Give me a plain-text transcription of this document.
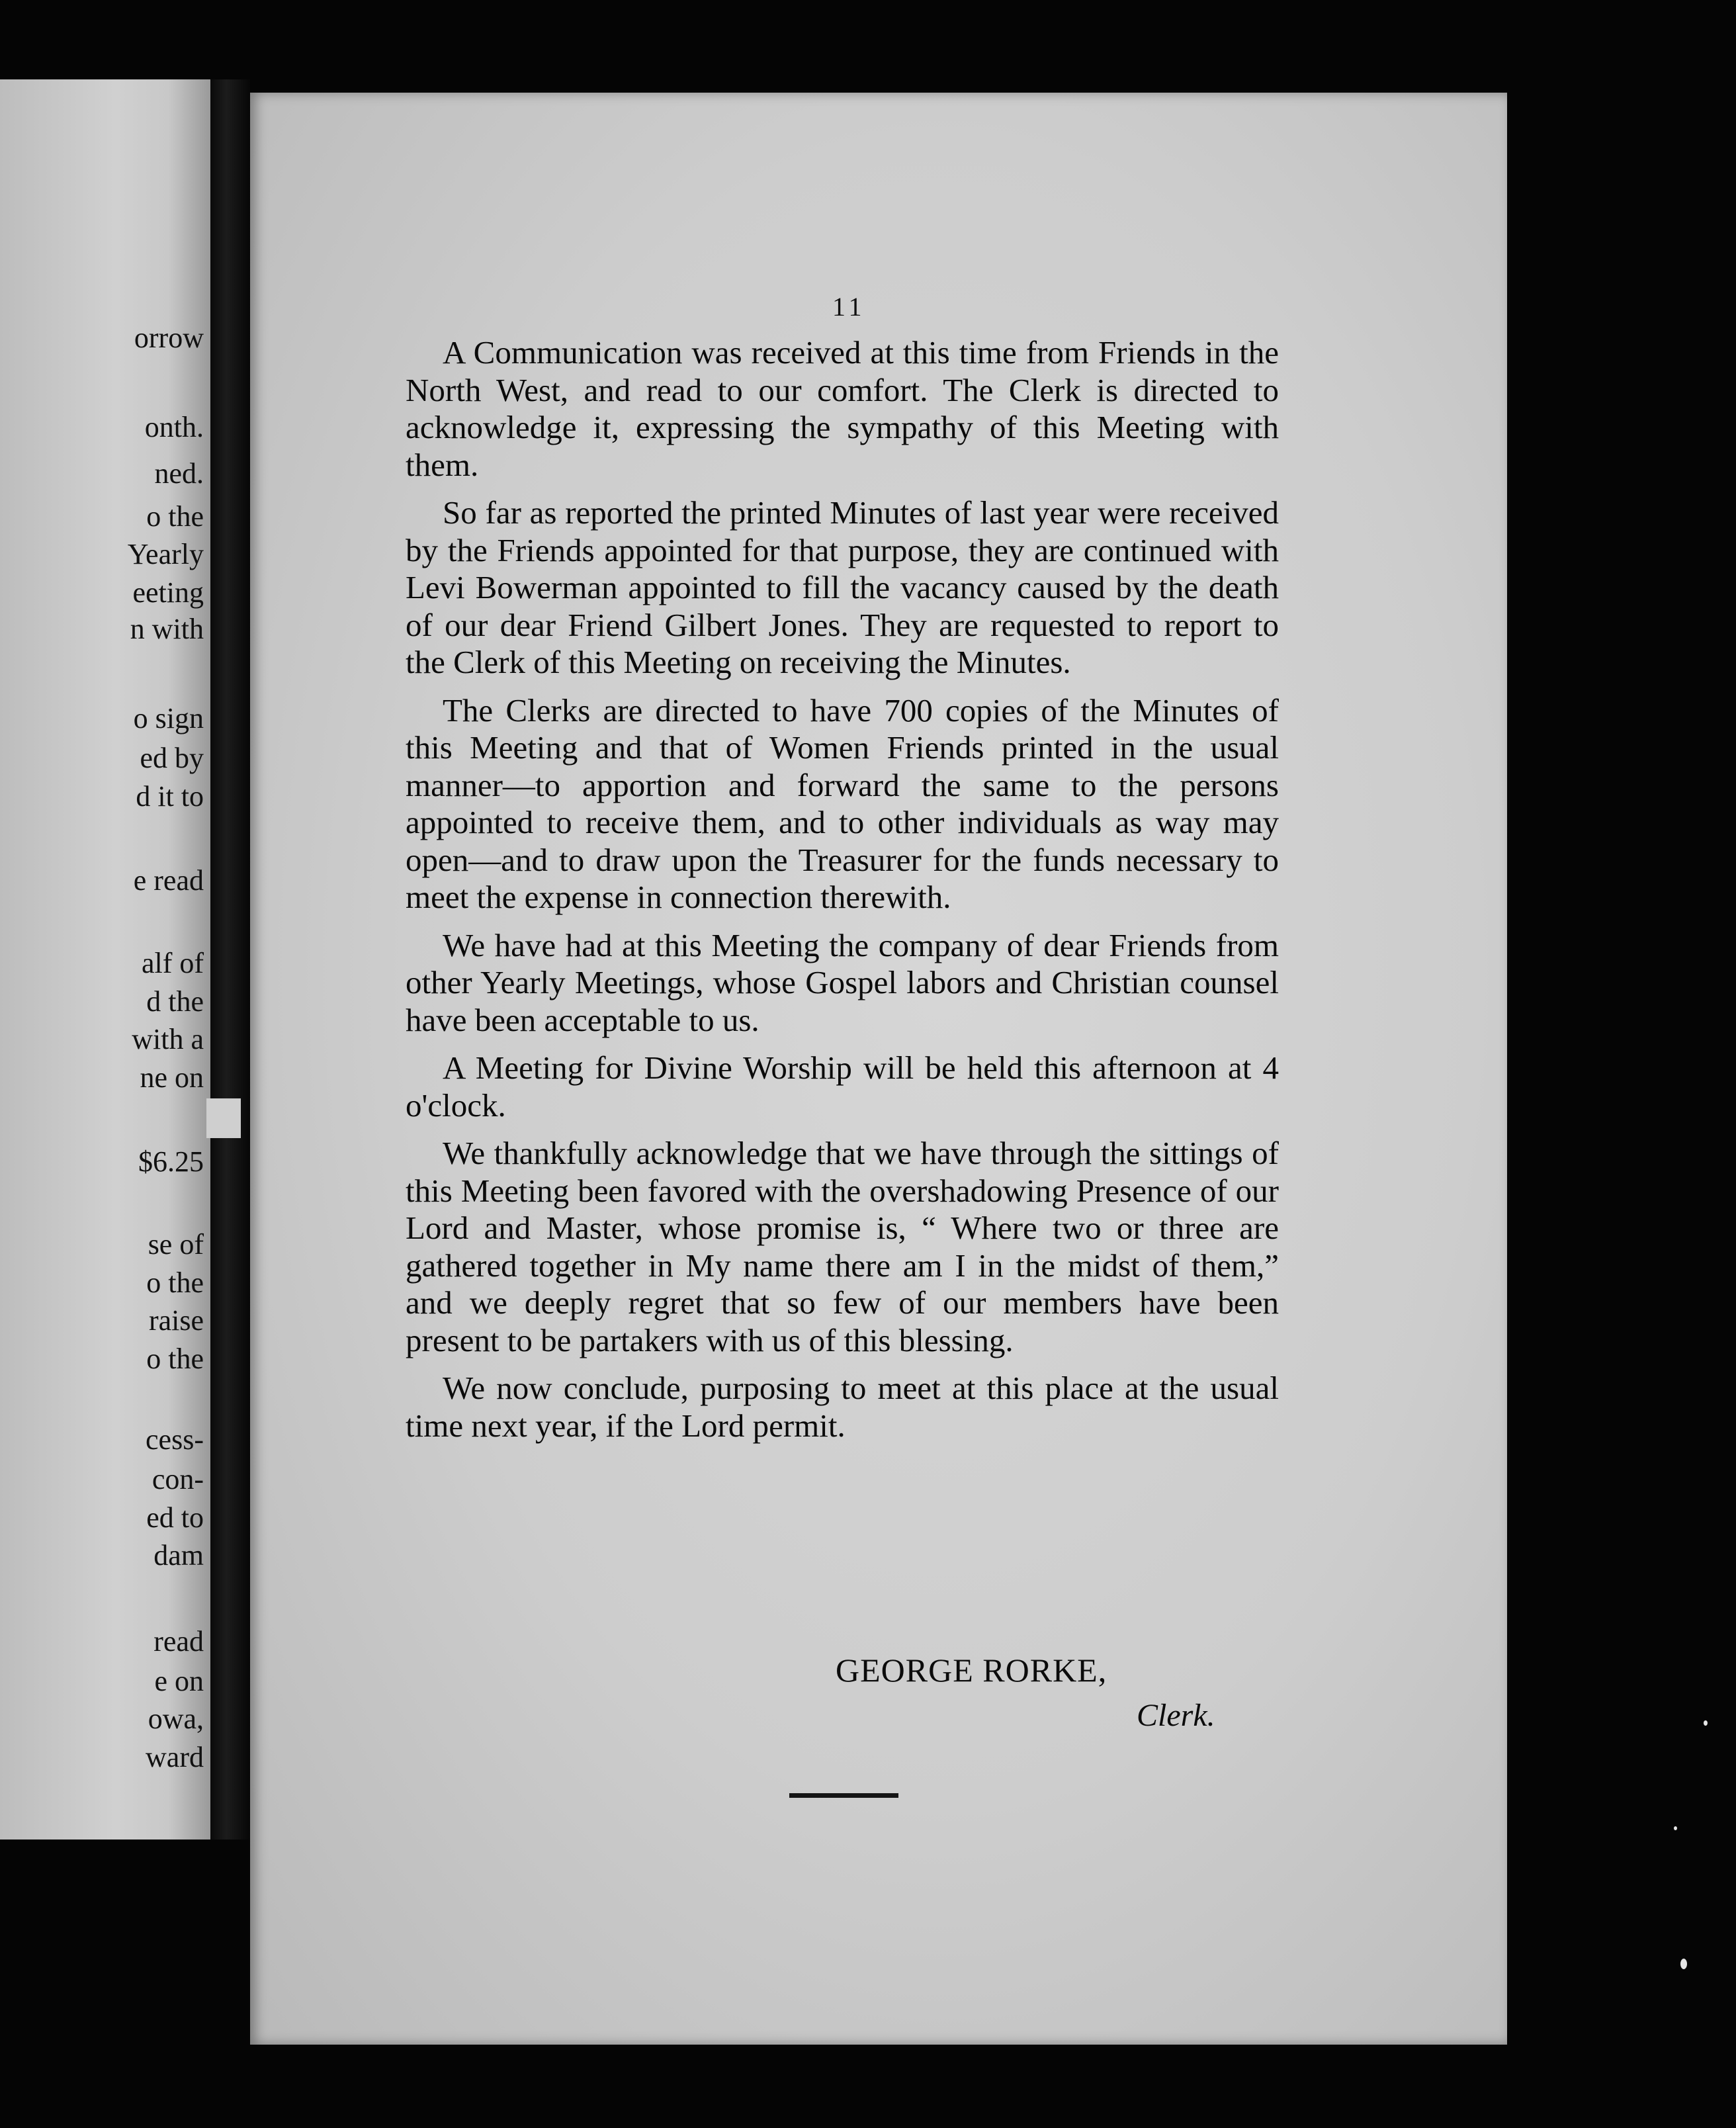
orrow
onth.
ned.
o the
Yearly
eeting
n with
o sign
ed by
d it to
e read
alf of
d the
with a
ne on
$6.25
se of
o the
raise
o the
cess-
con-
ed to
dam
read
e on
owa,
ward
11

A Communication was received at this time from Friends in the North West, and read to our comfort. The Clerk is directed to acknowledge it, expressing the sympathy of this Meeting with them.

So far as reported the printed Minutes of last year were received by the Friends appointed for that purpose, they are continued with Levi Bowerman appointed to fill the vacancy caused by the death of our dear Friend Gilbert Jones. They are requested to report to the Clerk of this Meeting on receiving the Minutes.

The Clerks are directed to have 700 copies of the Minutes of this Meeting and that of Women Friends printed in the usual manner—to apportion and forward the same to the persons appointed to receive them, and to other individuals as way may open—and to draw upon the Treasurer for the funds necessary to meet the expense in connection therewith.

We have had at this Meeting the company of dear Friends from other Yearly Meetings, whose Gospel labors and Christian counsel have been acceptable to us.

A Meeting for Divine Worship will be held this afternoon at 4 o'clock.

We thankfully acknowledge that we have through the sittings of this Meeting been favored with the overshadowing Presence of our Lord and Master, whose promise is, “ Where two or three are gathered together in My name there am I in the midst of them,” and we deeply regret that so few of our members have been present to be partakers with us of this blessing.

We now conclude, purposing to meet at this place at the usual time next year, if the Lord permit.

GEORGE RORKE,
Clerk.
